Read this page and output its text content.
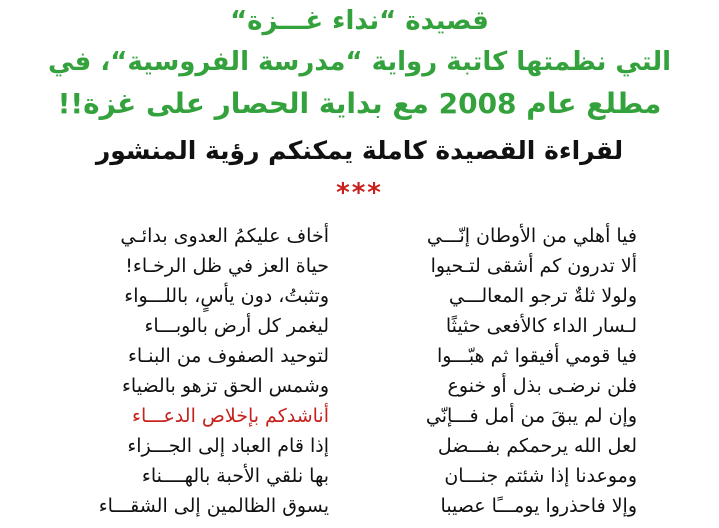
قصيدة “نداء غـــزة“
التي نظمتها كاتبة رواية “مدرسة الفروسية“، في
مطلع عام 2008 مع بداية الحصار على غزة!!
لقراءة القصيدة كاملة يمكنكم رؤية المنشور
***
فيا أهلي من الأوطان إنّـــي
أخاف عليكمُ العدوى بدائـي
ألا تدرون كم أشقى لتـحيوا
حياة العز في ظل الرخـاء!
ولولا ثلةٌ ترجو المعالـــي
وتثبتُ، دون يأسٍ، باللـــواء
لـسار الداء كالأفعى حثيثًا
ليغمر كل أرض بالوبـــاء
فيا قومي أفيقوا ثم هبّـــوا
لتوحيد الصفوف من البنـاء
فلن نرضـى بذل أو خنوع
وشمس الحق تزهو بالضياء
وإن لم يبقَ من أمل فـــإنّي
أناشدكم بإخلاص الدعـــاء
لعل الله يرحمكم بفـــضل
إذا قام العباد إلى الجـــزاء
وموعدنا إذا شئتم جنـــان
بها نلقي الأحبة بالهــــناء
وإلا فاحذروا يومـــًا عصيبا
يسوق الظالمين إلى الشقـــاء
